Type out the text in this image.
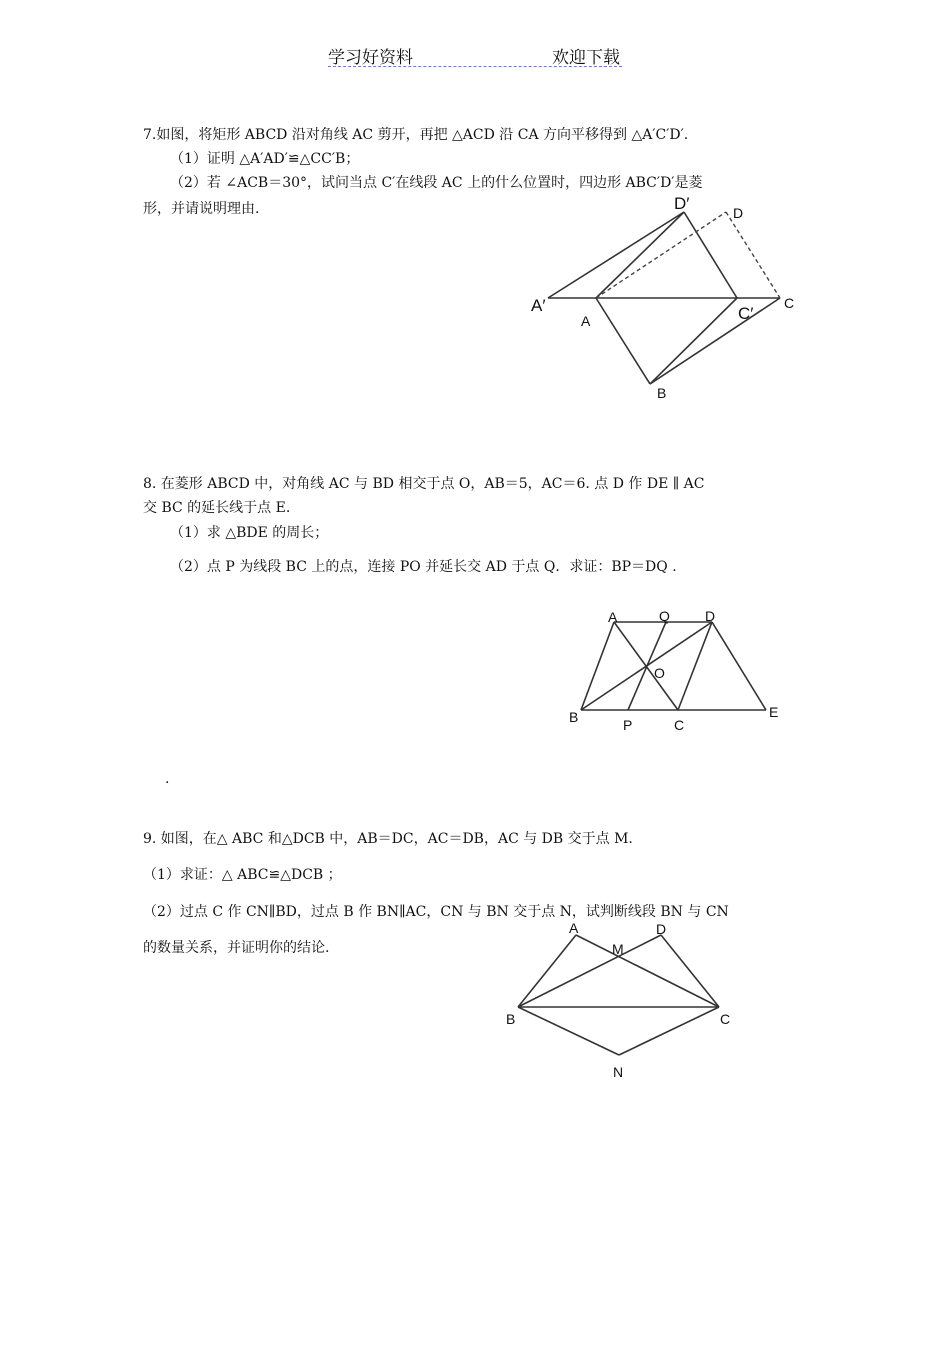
学习好资料	欢迎下载
7.如图，将矩形 ABCD 沿对角线 AC 剪开，再把 △ACD 沿 CA 方向平移得到 △A′C′D′.
（1）证明 △A′AD′≌△CC′B；
（2）若 ∠ACB＝30°，试问当点 C′在线段 AC 上的什么位置时，四边形 ABC′D′是菱
形，并请说明理由.	D′	D
A′
A	C′
C
B
8. 在菱形 ABCD 中，对角线 AC 与 BD 相交于点 O，AB＝5，AC＝6. 点 D 作 DE ∥ AC
交 BC 的延长线于点 E.
（1）求 △BDE 的周长；
（2）点 P 为线段 BC 上的点，连接 PO 并延长交 AD 于点 Q．求证：BP＝DQ .
A	Q	D
O
B	P	C
E
.
9. 如图，在△ ABC 和△DCB 中，AB＝DC，AC＝DB，AC 与 DB 交于点 M.
（1）求证：△ ABC≌△DCB ；
（2）过点 C 作 CN∥BD，过点 B 作 BN∥AC，CN 与 BN 交于点 N，试判断线段 BN 与 CN
的数量关系，并证明你的结论.
A
M
D
B	C
N
